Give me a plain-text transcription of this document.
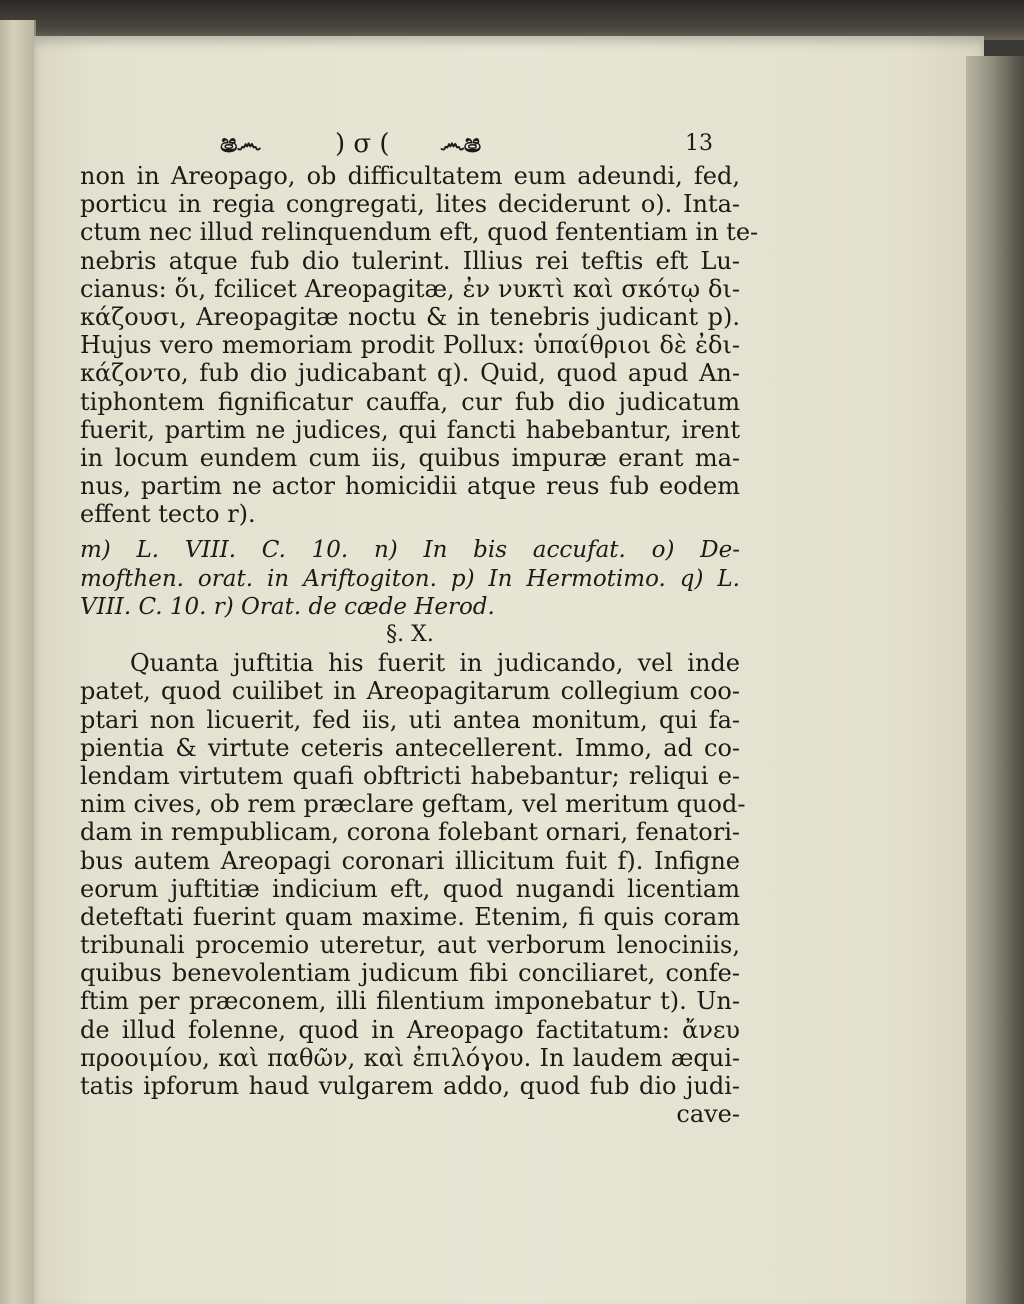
ෂ෴	) σ ( ෴ෂ	13
non in Areopago, ob difficultatem eum adeundi, fed,
porticu in regia congregati, lites deciderunt o). Inta-
ctum nec illud relinquendum eft, quod fententiam in te-
nebris atque fub dio tulerint. Illius rei teftis eft Lu-
cianus: ὅι, fcilicet Areopagitæ, ἐν νυκτὶ καὶ σκότῳ δι-
κάζουσι, Areopagitæ noctu & in tenebris judicant p).
Hujus vero memoriam prodit Pollux: ὑπαίθριοι δὲ ἐδι-
κάζοντο, fub dio judicabant q). Quid, quod apud An-
tiphontem fignificatur cauffa, cur fub dio judicatum
fuerit, partim ne judices, qui fancti habebantur, irent
in locum eundem cum iis, quibus impuræ erant ma-
nus, partim ne actor homicidii atque reus fub eodem
effent tecto r).
m) L. VIII. C. 10. n) In bis accufat. o) De-
mofthen. orat. in Ariftogiton. p) In Hermotimo. q) L.
VIII. C. 10. r) Orat. de cæde Herod.
§. X.
Quanta juftitia his fuerit in judicando, vel inde
patet, quod cuilibet in Areopagitarum collegium coo-
ptari non licuerit, fed iis, uti antea monitum, qui fa-
pientia & virtute ceteris antecellerent. Immo, ad co-
lendam virtutem quafi obftricti habebantur; reliqui e-
nim cives, ob rem præclare geftam, vel meritum quod-
dam in rempublicam, corona folebant ornari, fenatori-
bus autem Areopagi coronari illicitum fuit f). Infigne
eorum juftitiæ indicium eft, quod nugandi licentiam
deteftati fuerint quam maxime. Etenim, fi quis coram
tribunali procemio uteretur, aut verborum lenociniis,
quibus benevolentiam judicum fibi conciliaret, confe-
ftim per præconem, illi filentium imponebatur t). Un-
de illud folenne, quod in Areopago factitatum: ἄνευ
προοιμίου, καὶ παθῶν, καὶ ἐπιλόγου. In laudem æqui-
tatis ipforum haud vulgarem addo, quod fub dio judi-
cave-
